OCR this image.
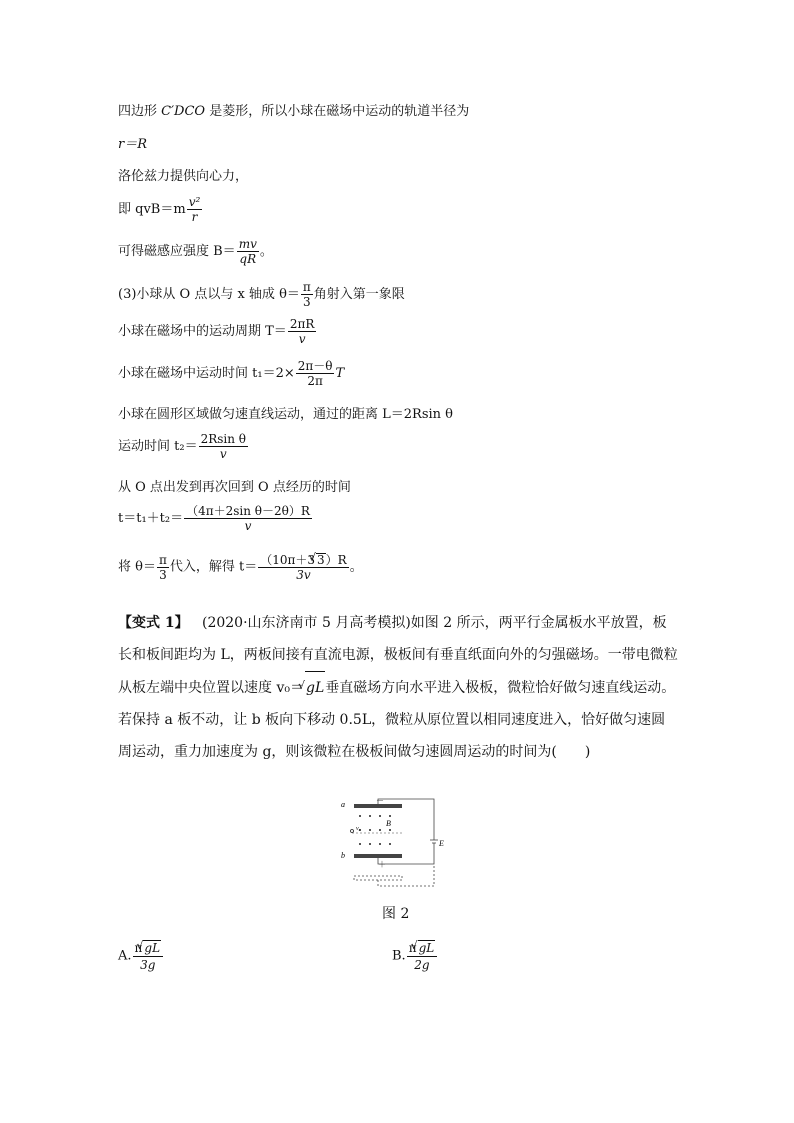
四边形 C′DCO 是菱形，所以小球在磁场中运动的轨道半径为
r＝R
洛伦兹力提供向心力，
即 $qvB=m \frac{\text{v²}}{r}$
可得磁感应强度 $B= \frac{mv}{qR}$ 。
(3)小球从 O 点以与 x 轴成 $\theta= \frac{\pi}{3}$ 角射入第一象限
小球在磁场中的运动周期 $T= \frac{2\pi R}{v}$
小球在磁场中运动时间 $t_1=2\times \frac{2\pi-\theta}{2\pi}$ T
小球在圆形区域做匀速直线运动，通过的距离 L＝2Rsin θ
运动时间 $t_2= \frac{\text{2Rsin θ}}{v}$
从 O 点出发到再次回到 O 点经历的时间
$t=t_1+t_2= \frac{\text{（4π＋2sin θ－2θ）R}}{v}$
将 $\theta= \frac{\pi}{3}$ 代入，解得 $t= \frac{(10\pi+3 √ 3)R}{3v}$ 。
【变式 1】 (2020·山东济南市 5 月高考模拟)如图 2 所示，两平行金属板水平放置，板长和板间距均为 L，两板间接有直流电源，极板间有垂直纸面向外的匀强磁场。一带电微粒从板左端中央位置以速度 v₀＝ √ gL垂直磁场方向水平进入极板，微粒恰好做匀速直线运动。若保持 a 板不动，让 b 板向下移动 0.5L，微粒从原位置以相同速度进入，恰好做匀速圆周运动，重力加速度为 g，则该微粒在极板间做匀速圆周运动的时间为(　　)
a	－
b
＋
B
v₀
E
图 2
A. $\frac{\pi √ gL}{3g}$	B. $\frac{\pi √ gL}{2g}$
